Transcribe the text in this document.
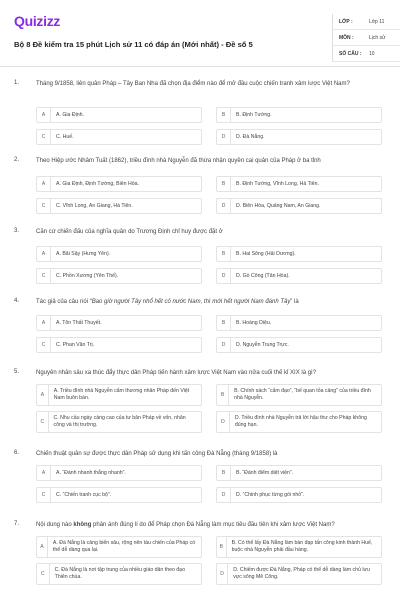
Quizizz
Bộ 8 Đề kiểm tra 15 phút Lịch sử 11 có đáp án (Mới nhất) - Đề số 5
LỚP :	Lớp 11
MÔN :	Lịch sử
SỐ CÂU :	10
1.	Tháng 9/1858, liên quân Pháp – Tây Ban Nha đã chọn địa điểm nào để mở đầu cuộc chiến tranh xâm lược Việt Nam?
A	A. Gia Định.	B	B. Định Tường.
C	C. Huế.	D	D. Đà Nẵng.
2.	Theo Hiệp ước Nhâm Tuất (1862), triều đình nhà Nguyễn đã thừa nhận quyền cai quản của Pháp ở ba tỉnh
A	A. Gia Định, Định Tường, Biên Hòa.	B	B. Định Tường, Vĩnh Long, Hà Tiên.
C	C. Vĩnh Long, An Giang, Hà Tiên.	D	D. Biên Hòa, Quảng Nam, An Giang.
3.	Căn cứ chiến đấu của nghĩa quân do Trương Định chỉ huy được đặt ở
A	A. Bãi Sậy (Hưng Yên).	B	B. Hai Sông (Hải Dương).
C	C. Phồn Xương (Yên Thế).	D	D. Gò Công (Tân Hòa).
4.	Tác giả của câu nói “Bao giờ người Tây nhổ hết cỏ nước Nam, thì mới hết người Nam đánh Tây” là
A	A. Tôn Thất Thuyết.	B	B. Hoàng Diệu.
C	C. Phan Văn Trị.	D	D. Nguyễn Trung Trực.
5.	Nguyên nhân sâu xa thúc đẩy thực dân Pháp tiến hành xâm lược Việt Nam vào nửa cuối thế kỉ XIX là gì?
A
A. Triều đình nhà Nguyễn cấm thương nhân Pháp đến Việt Nam buôn bán.	B
B. Chính sách “cấm đạo”, “bế quan tỏa cảng” của triều đình nhà Nguyễn.
C
C. Nhu cầu ngày càng cao của tư bản Pháp về vốn, nhân công và thị trường.	D
D. Triều đình nhà Nguyễn trả lời hậu thư cho Pháp không đúng hạn.
6.	Chiến thuật quân sự được thực dân Pháp sử dụng khi tấn công Đà Nẵng (tháng 9/1858) là
A	A. “Đánh nhanh thắng nhanh”.	B	B. “Đánh điểm diệt viện”.
C	C. “Chiến tranh cục bộ”.	D	D. “Chinh phục từng gói nhỏ”.
7.	Nội dung nào không phản ánh đúng lí do để Pháp chọn Đà Nẵng làm mục tiêu đầu tiên khi xâm lược Việt Nam?
A
A. Đà Nẵng là cảng biển sâu, rộng nên tàu chiến của Pháp có thể dễ dàng qua lại.	B
B. Có thể lấy Đà Nẵng làm bàn đạp tấn công kinh thành Huế, buộc nhà Nguyễn phải đầu hàng.
C
C. Đà Nẵng là nơi tập trung của nhiều giáo dân theo đạo Thiên chúa.	D
D. Chiếm được Đà Nẵng, Pháp có thể dễ dàng làm chủ lưu vực sông Mê Công.
